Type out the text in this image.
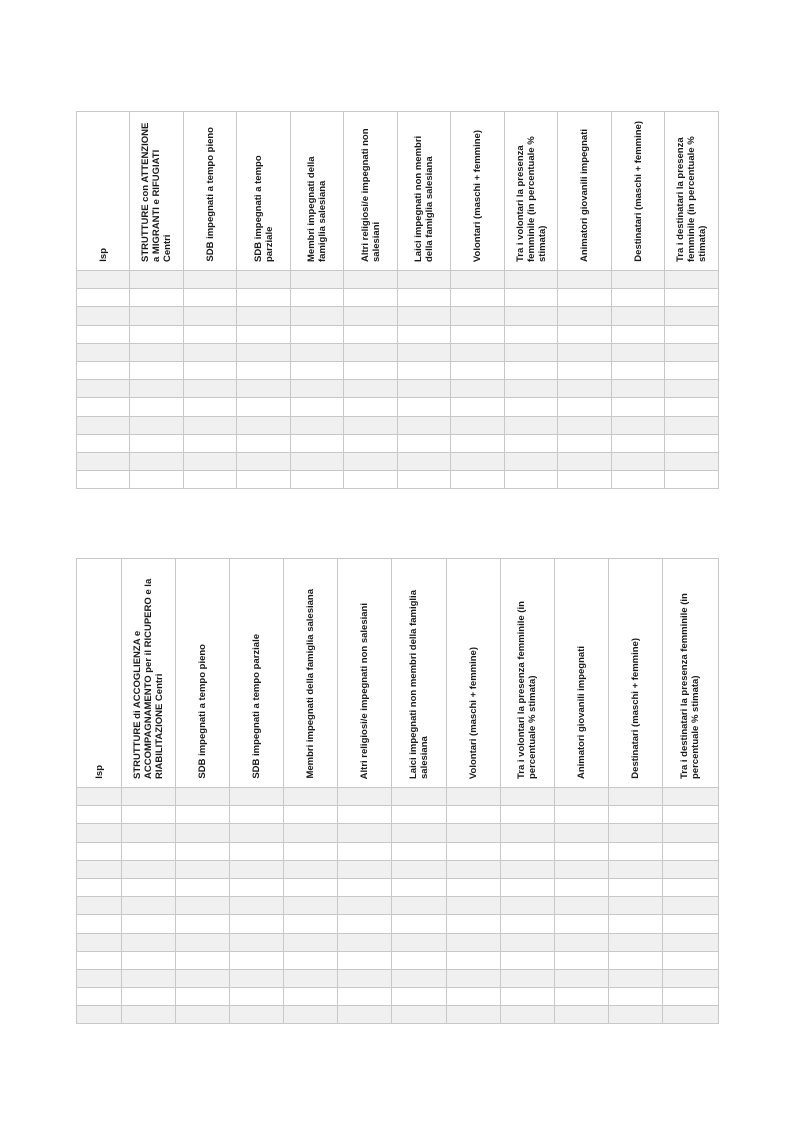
Isp	STRUTTURE con ATTENZIONE a MIGRANTI e RIFUGIATI Centri	SDB impegnati a tempo pieno	SDB impegnati a tempo parziale	Membri impegnati della famiglia salesiana	Altri religiosi/e impegnati non salesiani	Laici impegnati non membri della famiglia salesiana	Volontari (maschi + femmine)	Tra i volontari la presenza femminile (in percentuale % stimata)	Animatori giovanili impegnati	Destinatari (maschi + femmine)	Tra i destinatari la presenza femminile (in percentuale % stimata)

Isp	STRUTTURE di ACCOGLIENZA e ACCOMPAGNAMENTO per il RICUPERO e la RIABILITAZIONE Centri	SDB impegnati a tempo pieno	SDB impegnati a tempo parziale	Membri impegnati della famiglia salesiana	Altri religiosi/e impegnati non salesiani	Laici impegnati non membri della famiglia salesiana	Volontari (maschi + femmine)	Tra i volontari la presenza femminile (in percentuale % stimata)	Animatori giovanili impegnati	Destinatari (maschi + femmine)	Tra i destinatari la presenza femminile (in percentuale % stimata)
